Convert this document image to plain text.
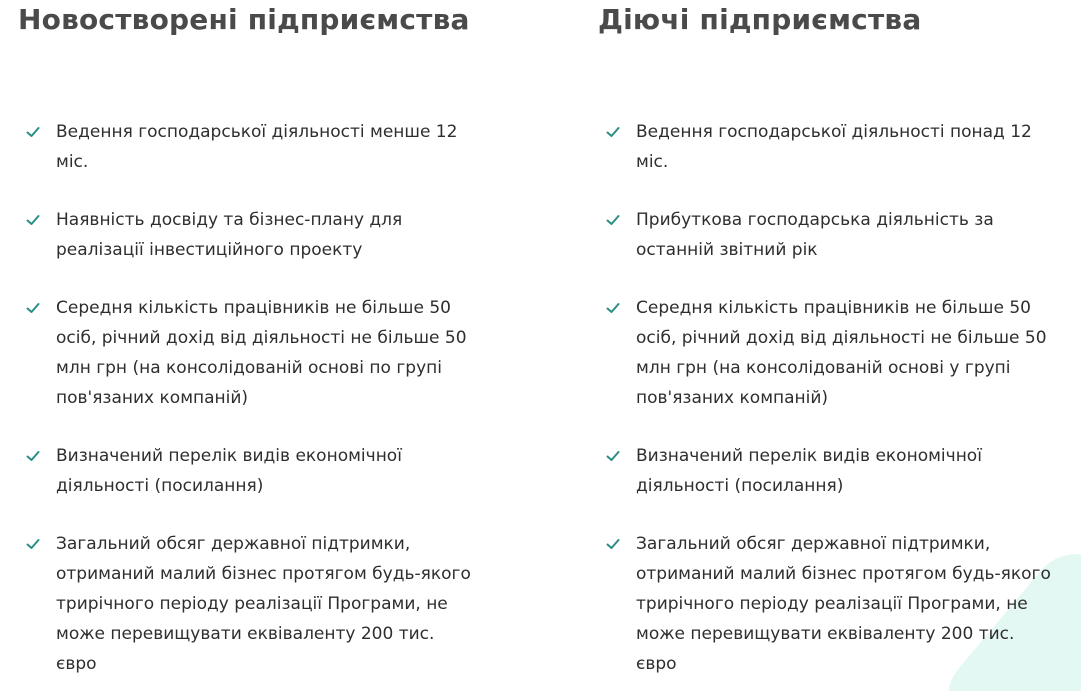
Новостворені підприємства
Ведення господарської діяльності менше 12 міс.
Наявність досвіду та бізнес-плану для реалізації інвестиційного проекту
Середня кількість працівників не більше 50 осіб, річний дохід від діяльності не більше 50 млн грн (на консолідованій основі по групі пов'язаних компаній)
Визначений перелік видів економічної діяльності (посилання)
Загальний обсяг державної підтримки, отриманий малий бізнес протягом будь-якого трирічного періоду реалізації Програми, не може перевищувати еквіваленту 200 тис. євро
Діючі підприємства
Ведення господарської діяльності понад 12 міс.
Прибуткова господарська діяльність за останній звітний рік
Середня кількість працівників не більше 50 осіб, річний дохід від діяльності не більше 50 млн грн (на консолідованій основі у групі пов'язаних компаній)
Визначений перелік видів економічної діяльності (посилання)
Загальний обсяг державної підтримки, отриманий малий бізнес протягом будь-якого трирічного періоду реалізації Програми, не може перевищувати еквіваленту 200 тис. євро
